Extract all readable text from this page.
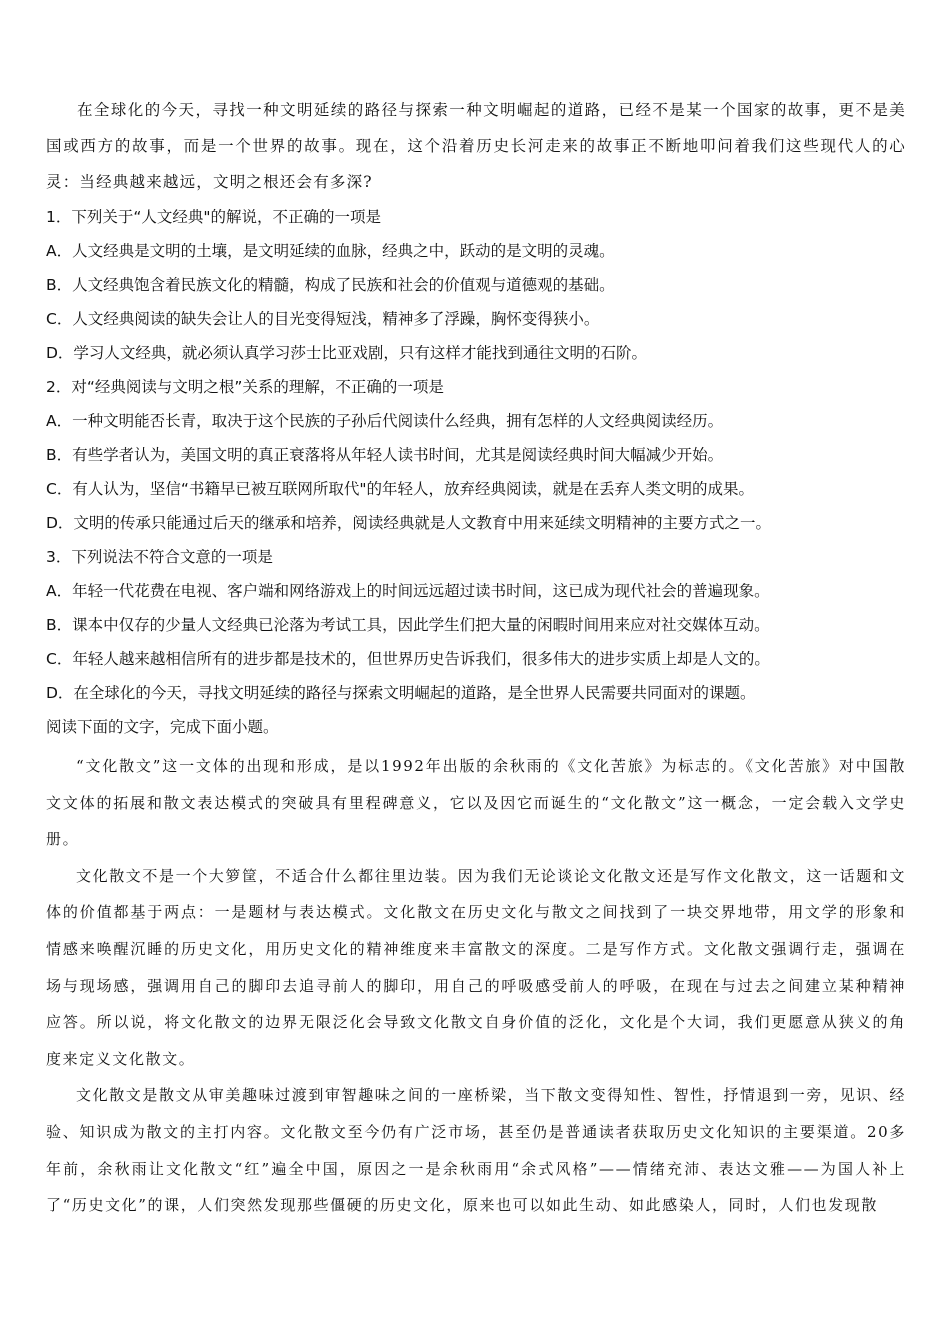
在全球化的今天，寻找一种文明延续的路径与探索一种文明崛起的道路，已经不是某一个国家的故事，更不是美国或西方的故事，而是一个世界的故事。现在，这个沿着历史长河走来的故事正不断地叩问着我们这些现代人的心灵：当经典越来越远，文明之根还会有多深?

1．下列关于“人文经典"的解说，不正确的一项是

A．人文经典是文明的土壤，是文明延续的血脉，经典之中，跃动的是文明的灵魂。

B．人文经典饱含着民族文化的精髓，构成了民族和社会的价值观与道德观的基础。

C．人文经典阅读的缺失会让人的目光变得短浅，精神多了浮躁，胸怀变得狭小。

D．学习人文经典，就必须认真学习莎士比亚戏剧，只有这样才能找到通往文明的石阶。

2．对“经典阅读与文明之根”关系的理解，不正确的一项是

A．一种文明能否长青，取决于这个民族的子孙后代阅读什么经典，拥有怎样的人文经典阅读经历。

B．有些学者认为，美国文明的真正衰落将从年轻人读书时间，尤其是阅读经典时间大幅减少开始。

C．有人认为，坚信“书籍早已被互联网所取代"的年轻人，放弃经典阅读，就是在丢弃人类文明的成果。

D．文明的传承只能通过后天的继承和培养，阅读经典就是人文教育中用来延续文明精神的主要方式之一。

3．下列说法不符合文意的一项是

A．年轻一代花费在电视、客户端和网络游戏上的时间远远超过读书时间，这已成为现代社会的普遍现象。

B．课本中仅存的少量人文经典已沦落为考试工具，因此学生们把大量的闲暇时间用来应对社交媒体互动。

C．年轻人越来越相信所有的进步都是技术的，但世界历史告诉我们，很多伟大的进步实质上却是人文的。

D．在全球化的今天，寻找文明延续的路径与探索文明崛起的道路，是全世界人民需要共同面对的课题。

阅读下面的文字，完成下面小题。

“文化散文”这一文体的出现和形成，是以1992年出版的余秋雨的《文化苦旅》为标志的。《文化苦旅》对中国散文文体的拓展和散文表达模式的突破具有里程碑意义，它以及因它而诞生的“文化散文”这一概念，一定会载入文学史册。

文化散文不是一个大箩筐，不适合什么都往里边装。因为我们无论谈论文化散文还是写作文化散文，这一话题和文体的价值都基于两点：一是题材与表达模式。文化散文在历史文化与散文之间找到了一块交界地带，用文学的形象和情感来唤醒沉睡的历史文化，用历史文化的精神维度来丰富散文的深度。二是写作方式。文化散文强调行走，强调在场与现场感，强调用自己的脚印去追寻前人的脚印，用自己的呼吸感受前人的呼吸，在现在与过去之间建立某种精神应答。所以说，将文化散文的边界无限泛化会导致文化散文自身价值的泛化，文化是个大词，我们更愿意从狭义的角度来定义文化散文。

文化散文是散文从审美趣味过渡到审智趣味之间的一座桥梁，当下散文变得知性、智性，抒情退到一旁，见识、经验、知识成为散文的主打内容。文化散文至今仍有广泛市场，甚至仍是普通读者获取历史文化知识的主要渠道。20多年前，余秋雨让文化散文“红”遍全中国，原因之一是余秋雨用“余式风格”——情绪充沛、表达文雅——为国人补上了“历史文化”的课，人们突然发现那些僵硬的历史文化，原来也可以如此生动、如此感染人，同时，人们也发现散
